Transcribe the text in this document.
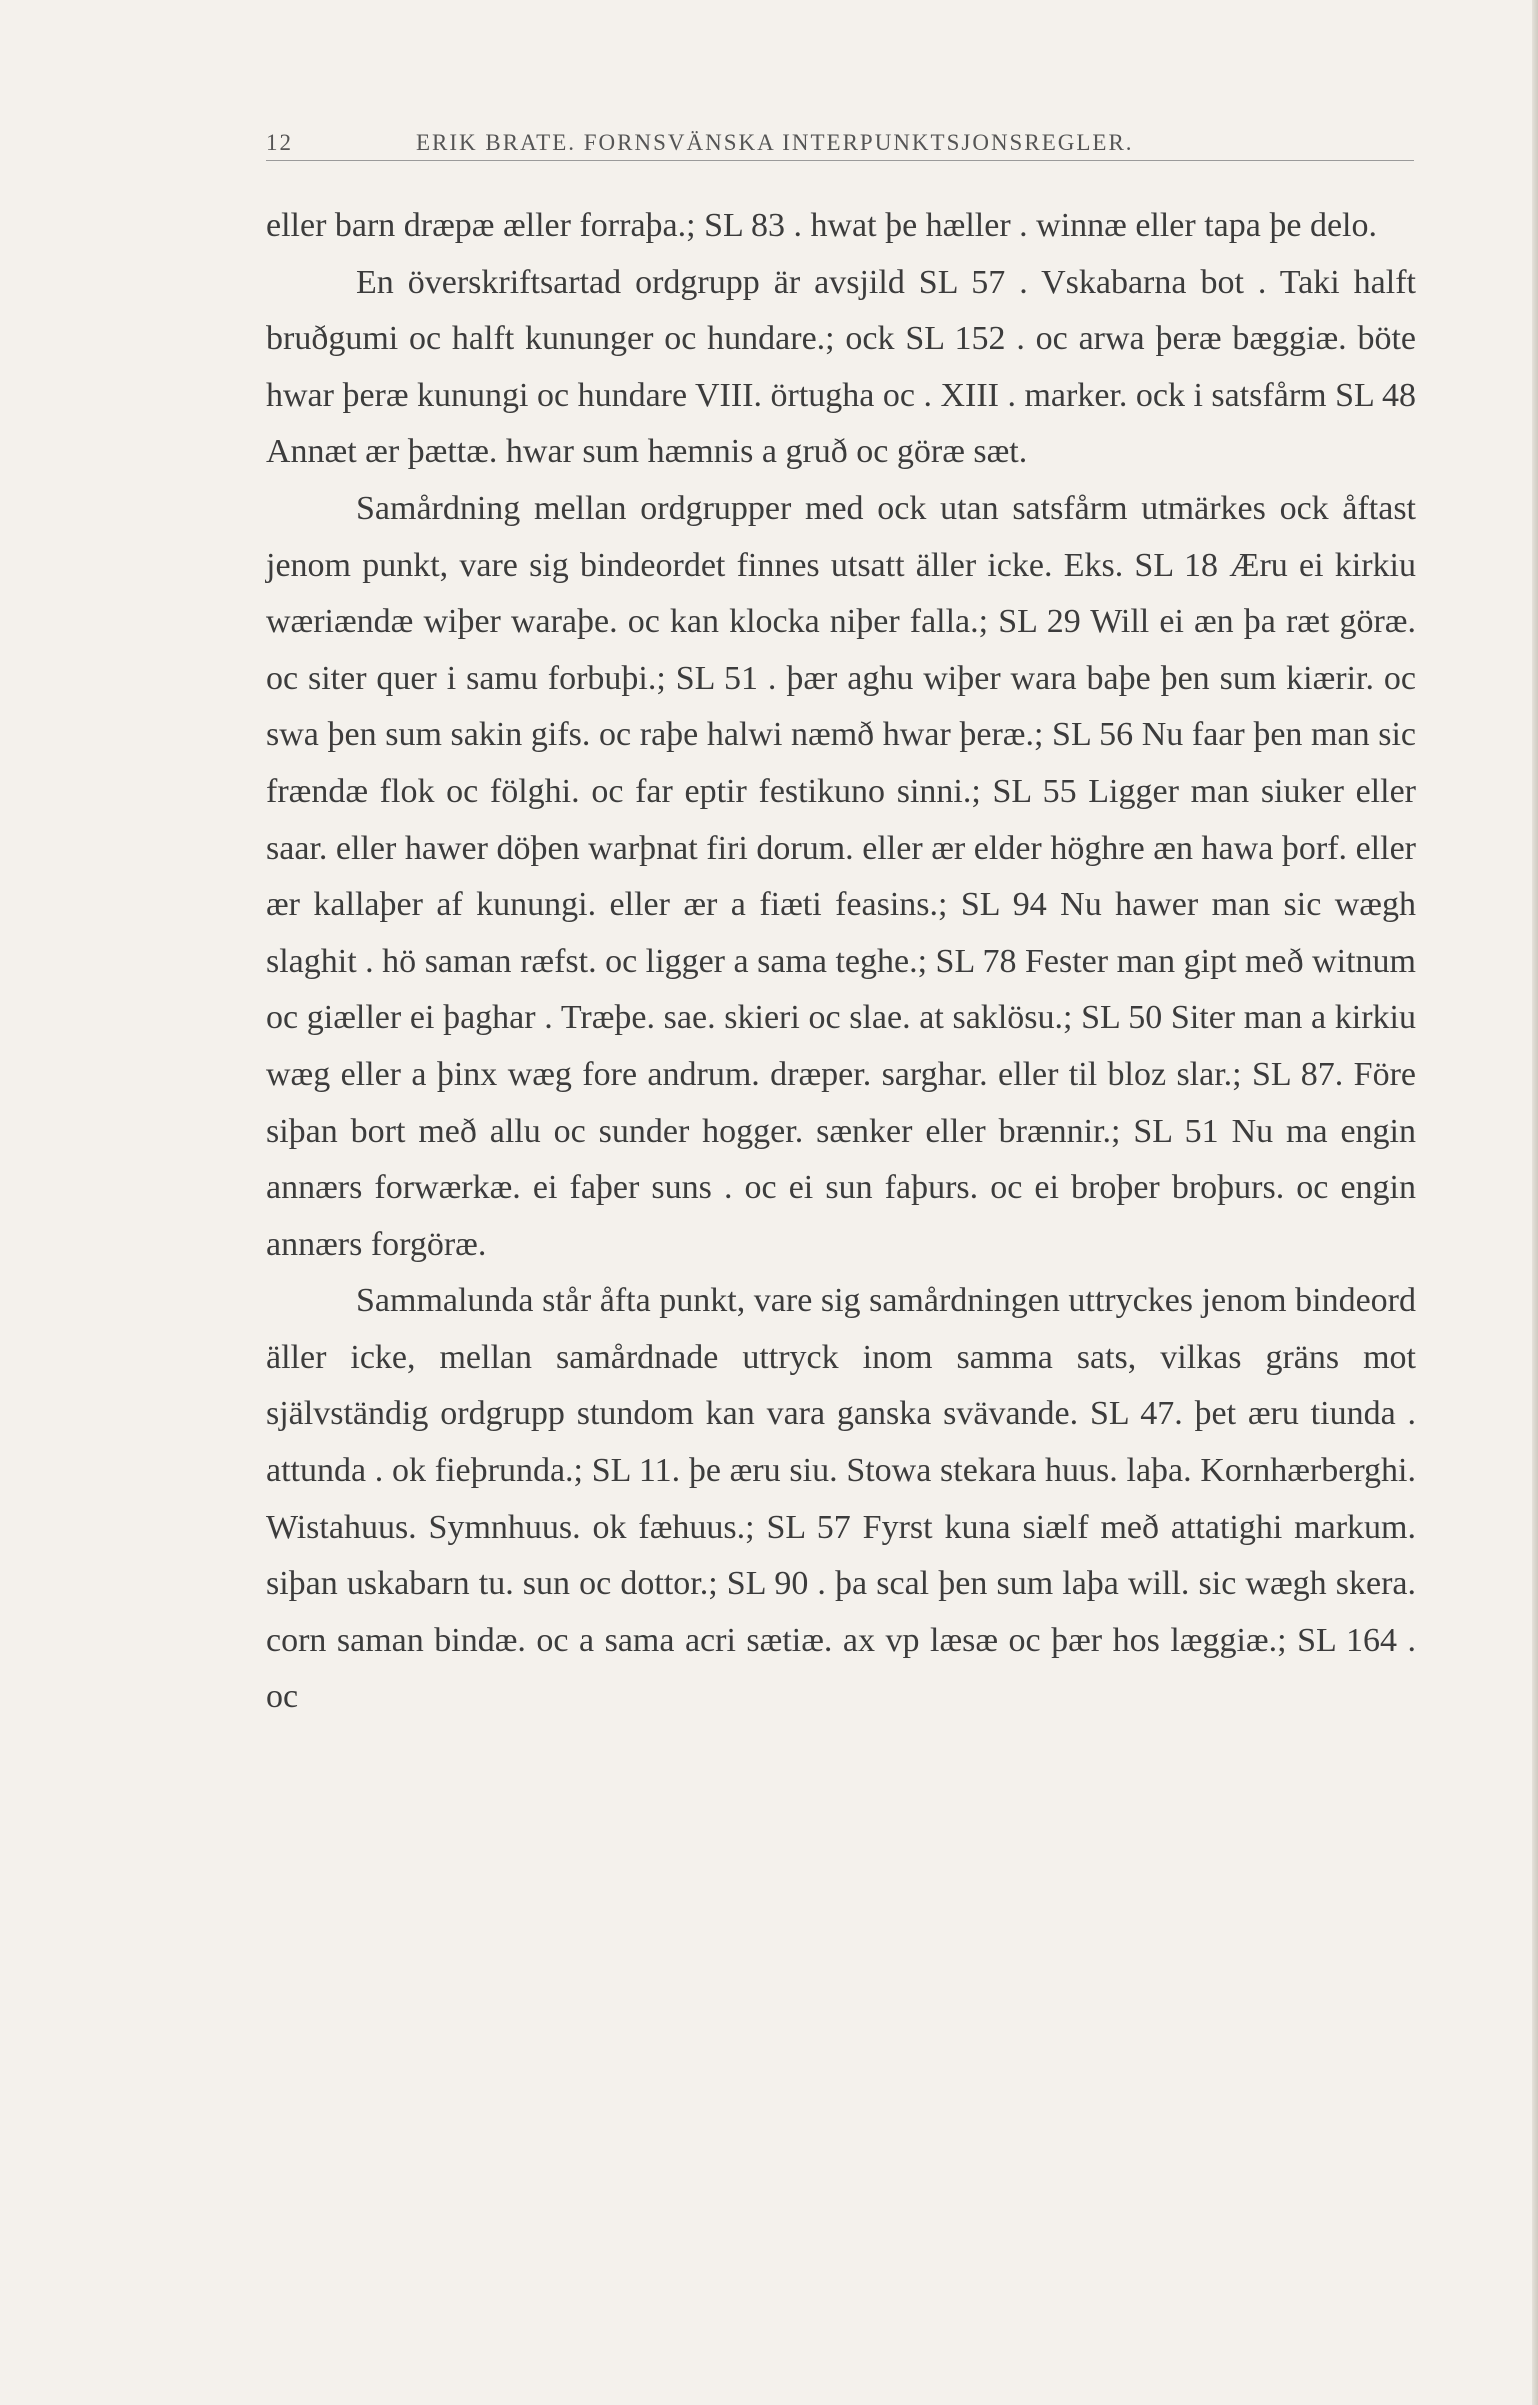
12	ERIK BRATE. FORNSVÄNSKA INTERPUNKTSJONSREGLER.

eller barn dræpæ æller forraþa.; SL 83 . hwat þe hæller . winnæ eller tapa þe delo.

En överskriftsartad ordgrupp är avsjild SL 57 . Vskabarna bot . Taki halft bruðgumi oc halft kununger oc hundare.; ock SL 152 . oc arwa þeræ bæggiæ. böte hwar þeræ kunungi oc hundare VIII. örtugha oc . XIII . marker. ock i satsfårm SL 48 Annæt ær þættæ. hwar sum hæmnis a gruð oc göræ sæt.

Samårdning mellan ordgrupper med ock utan satsfårm utmärkes ock åftast jenom punkt, vare sig bindeordet finnes utsatt äller icke. Eks. SL 18 Æru ei kirkiu wæriændæ wiþer waraþe. oc kan klocka niþer falla.; SL 29 Will ei æn þa ræt göræ. oc siter quer i samu forbuþi.; SL 51 . þær aghu wiþer wara baþe þen sum kiærir. oc swa þen sum sakin gifs. oc raþe halwi næmð hwar þeræ.; SL 56 Nu faar þen man sic frændæ flok oc fölghi. oc far eptir festikuno sinni.; SL 55 Ligger man siuker eller saar. eller hawer döþen warþnat firi dorum. eller ær elder höghre æn hawa þorf. eller ær kallaþer af kunungi. eller ær a fiæti feasins.; SL 94 Nu hawer man sic wægh slaghit . hö saman ræfst. oc ligger a sama teghe.; SL 78 Fester man gipt með witnum oc giæller ei þaghar . Træþe. sae. skieri oc slae. at saklösu.; SL 50 Siter man a kirkiu wæg eller a þinx wæg fore andrum. dræper. sarghar. eller til bloz slar.; SL 87. Före siþan bort með allu oc sunder hogger. sænker eller brænnir.; SL 51 Nu ma engin annærs forwærkæ. ei faþer suns . oc ei sun faþurs. oc ei broþer broþurs. oc engin annærs forgöræ.

Sammalunda står åfta punkt, vare sig samårdningen uttryckes jenom bindeord äller icke, mellan samårdnade uttryck inom samma sats, vilkas gräns mot självständig ordgrupp stundom kan vara ganska svävande. SL 47. þet æru tiunda . attunda . ok fieþrunda.; SL 11. þe æru siu. Stowa stekara huus. laþa. Kornhærberghi. Wistahuus. Symnhuus. ok fæhuus.; SL 57 Fyrst kuna siælf með attatighi markum. siþan uskabarn tu. sun oc dottor.; SL 90 . þa scal þen sum laþa will. sic wægh skera. corn saman bindæ. oc a sama acri sætiæ. ax vp læsæ oc þær hos læggiæ.; SL 164 . oc
